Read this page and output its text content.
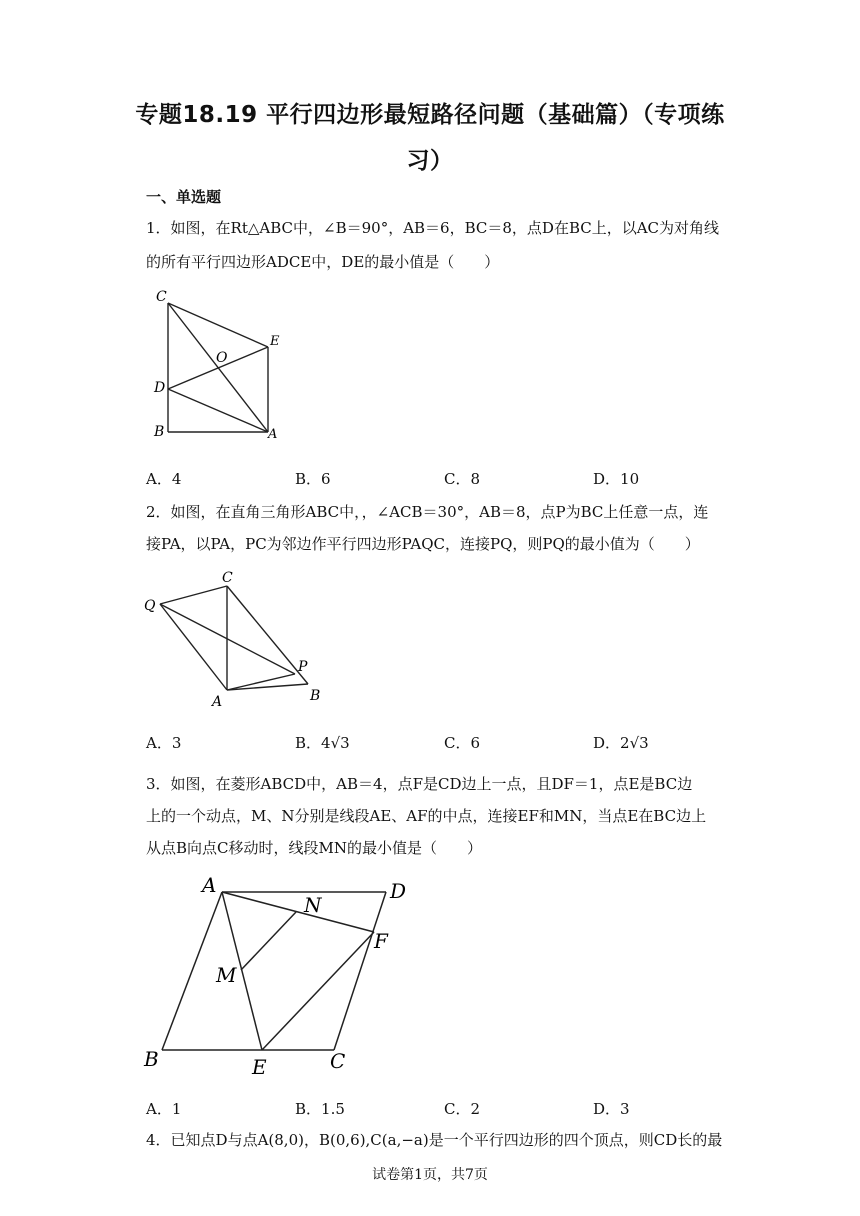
专题18.19 平行四边形最短路径问题（基础篇）（专项练
习）
一、单选题
1．如图，在Rt△ABC中，∠B＝90°，AB＝6，BC＝8，点D在BC上，以AC为对角线
的所有平行四边形ADCE中，DE的最小值是（　　）
C
E
O
D
B	A
A．4	B．6	C．8	D．10
2．如图，在直角三角形ABC中，，∠ACB＝30°，AB＝8，点P为BC上任意一点，连
接PA，以PA，PC为邻边作平行四边形PAQC，连接PQ，则PQ的最小值为（　　）
C
Q
P
A	B
A．3	B．4√3	C．6	D．2√3
3．如图，在菱形ABCD中，AB＝4，点F是CD边上一点，且DF＝1，点E是BC边
上的一个动点，M、N分别是线段AE、AF的中点，连接EF和MN，当点E在BC边上
从点B向点C移动时，线段MN的最小值是（　　）
A	D
N
F
M
B	E	C
A．1	B．1.5	C．2	D．3
4．已知点D与点A(8,0)，B(0,6),C(a,−a)是一个平行四边形的四个顶点，则CD长的最
试卷第1页，共7页
